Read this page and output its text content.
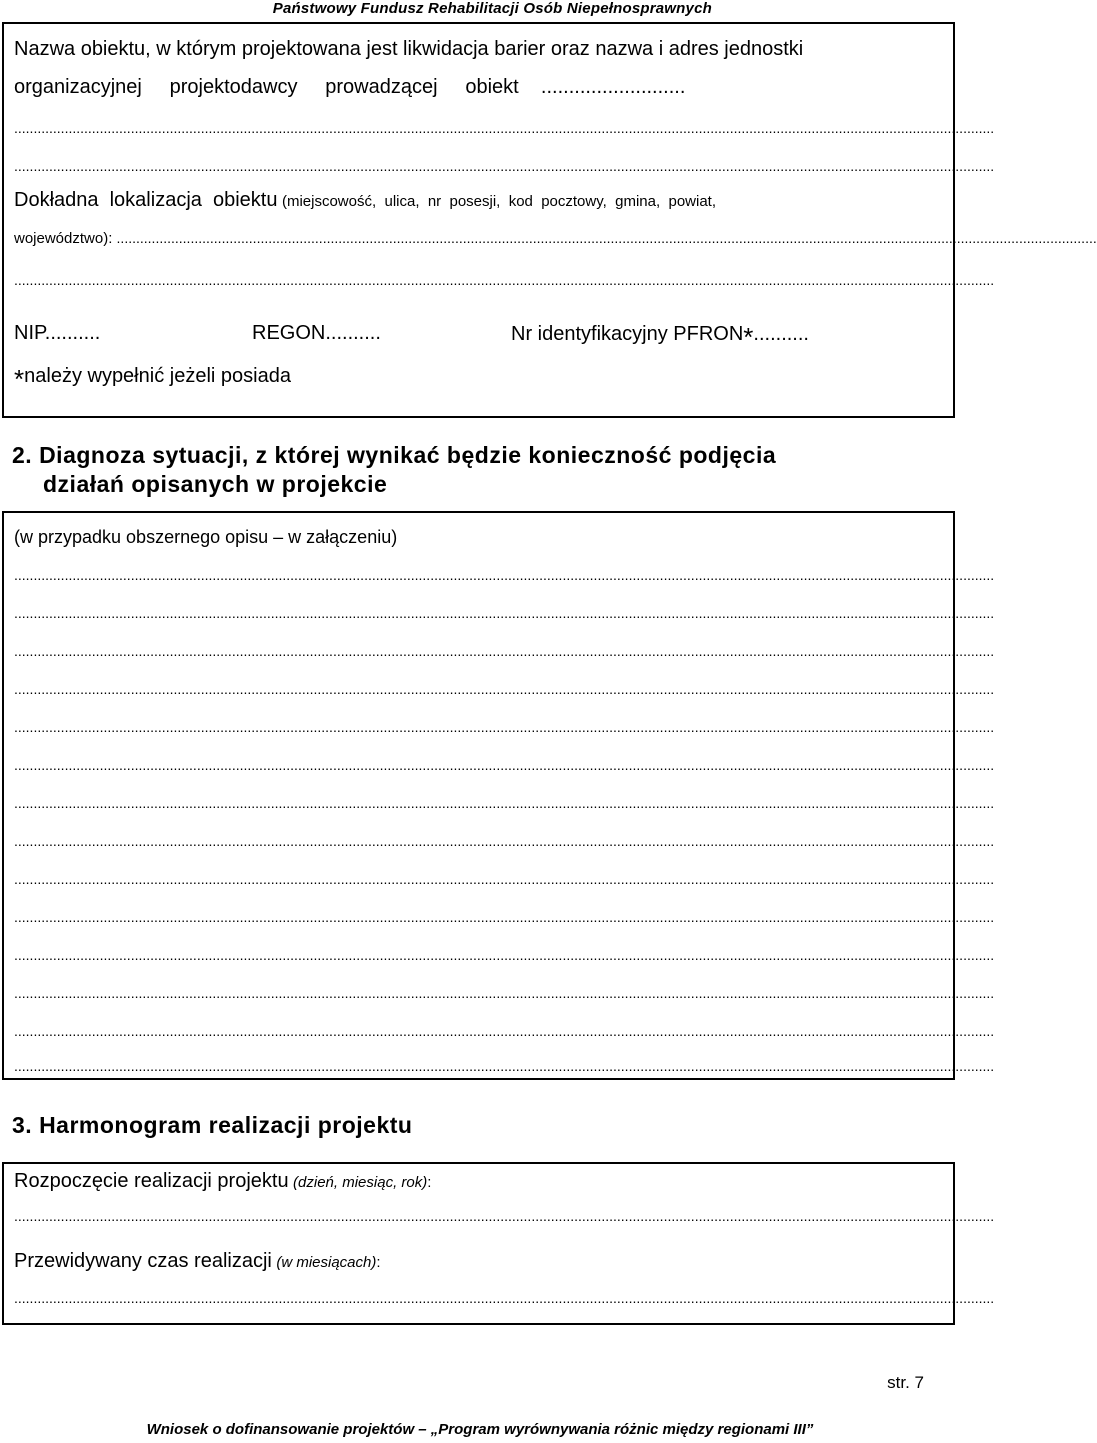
Państwowy Fundusz Rehabilitacji Osób Niepełnosprawnych
Nazwa obiektu, w którym projektowana jest likwidacja barier oraz nazwa i adres jednostki
organizacyjnej     projektodawcy     prowadzącej     obiekt    ..........................
............................................................................................................................................................................................................................................................
............................................................................................................................................................................................................................................................
Dokładna  lokalizacja  obiektu (miejscowość,  ulica,  nr  posesji,  kod  pocztowy,  gmina,  powiat,
województwo): ............................................................................................................................................................................................................................................................
............................................................................................................................................................................................................................................................
NIP..........	REGON..........	Nr identyfikacyjny PFRON*..........
*należy wypełnić jeżeli posiada
2. Diagnoza sytuacji, z której wynikać będzie konieczność podjęcia
działań opisanych w projekcie
(w przypadku obszernego opisu – w załączeniu)
............................................................................................................................................................................................................................................................
............................................................................................................................................................................................................................................................
............................................................................................................................................................................................................................................................
............................................................................................................................................................................................................................................................
............................................................................................................................................................................................................................................................
............................................................................................................................................................................................................................................................
............................................................................................................................................................................................................................................................
............................................................................................................................................................................................................................................................
............................................................................................................................................................................................................................................................
............................................................................................................................................................................................................................................................
............................................................................................................................................................................................................................................................
............................................................................................................................................................................................................................................................
............................................................................................................................................................................................................................................................
............................................................................................................................................................................................................................................................
3. Harmonogram realizacji projektu
Rozpoczęcie realizacji projektu (dzień, miesiąc, rok):
............................................................................................................................................................................................................................................................
Przewidywany czas realizacji (w miesiącach):
............................................................................................................................................................................................................................................................
str. 7
Wniosek o dofinansowanie projektów – „Program wyrównywania różnic między regionami III”
